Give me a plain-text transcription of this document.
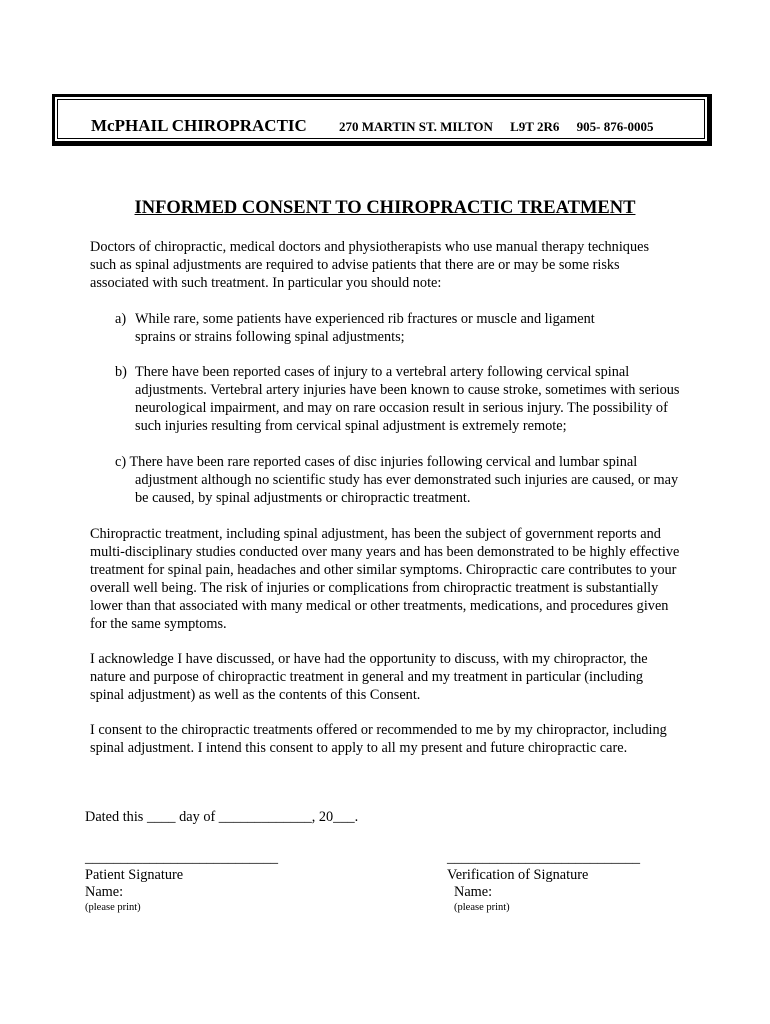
McPHAIL CHIROPRACTIC 270 MARTIN ST. MILTON L9T 2R6 905- 876-0005
INFORMED CONSENT TO CHIROPRACTIC TREATMENT

Doctors of chiropractic, medical doctors and physiotherapists who use manual therapy techniques such as spinal adjustments are required to advise patients that there are or may be some risks associated with such treatment. In particular you should note:

a) While rare, some patients have experienced rib fractures or muscle and ligament
sprains or strains following spinal adjustments;
b) There have been reported cases of injury to a vertebral artery following cervical spinal
adjustments. Vertebral artery injuries have been known to cause stroke, sometimes with serious neurological impairment, and may on rare occasion result in serious injury. The possibility of such injuries resulting from cervical spinal adjustment is extremely remote;
c) There have been rare reported cases of disc injuries following cervical and lumbar spinal
adjustment although no scientific study has ever demonstrated such injuries are caused, or may be caused, by spinal adjustments or chiropractic treatment.

Chiropractic treatment, including spinal adjustment, has been the subject of government reports and multi-disciplinary studies conducted over many years and has been demonstrated to be highly effective treatment for spinal pain, headaches and other similar symptoms. Chiropractic care contributes to your overall well being. The risk of injuries or complications from chiropractic treatment is substantially lower than that associated with many medical or other treatments, medications, and procedures given for the same symptoms.

I acknowledge I have discussed, or have had the opportunity to discuss, with my chiropractor, the nature and purpose of chiropractic treatment in general and my treatment in particular (including spinal adjustment) as well as the contents of this Consent.

I consent to the chiropractic treatments offered or recommended to me by my chiropractor, including spinal adjustment. I intend this consent to apply to all my present and future chiropractic care.

Dated this ____ day of _____________, 20___.
___________________________
Patient Signature
Name:
(please print)
___________________________
Verification of Signature
Name:
(please print)
